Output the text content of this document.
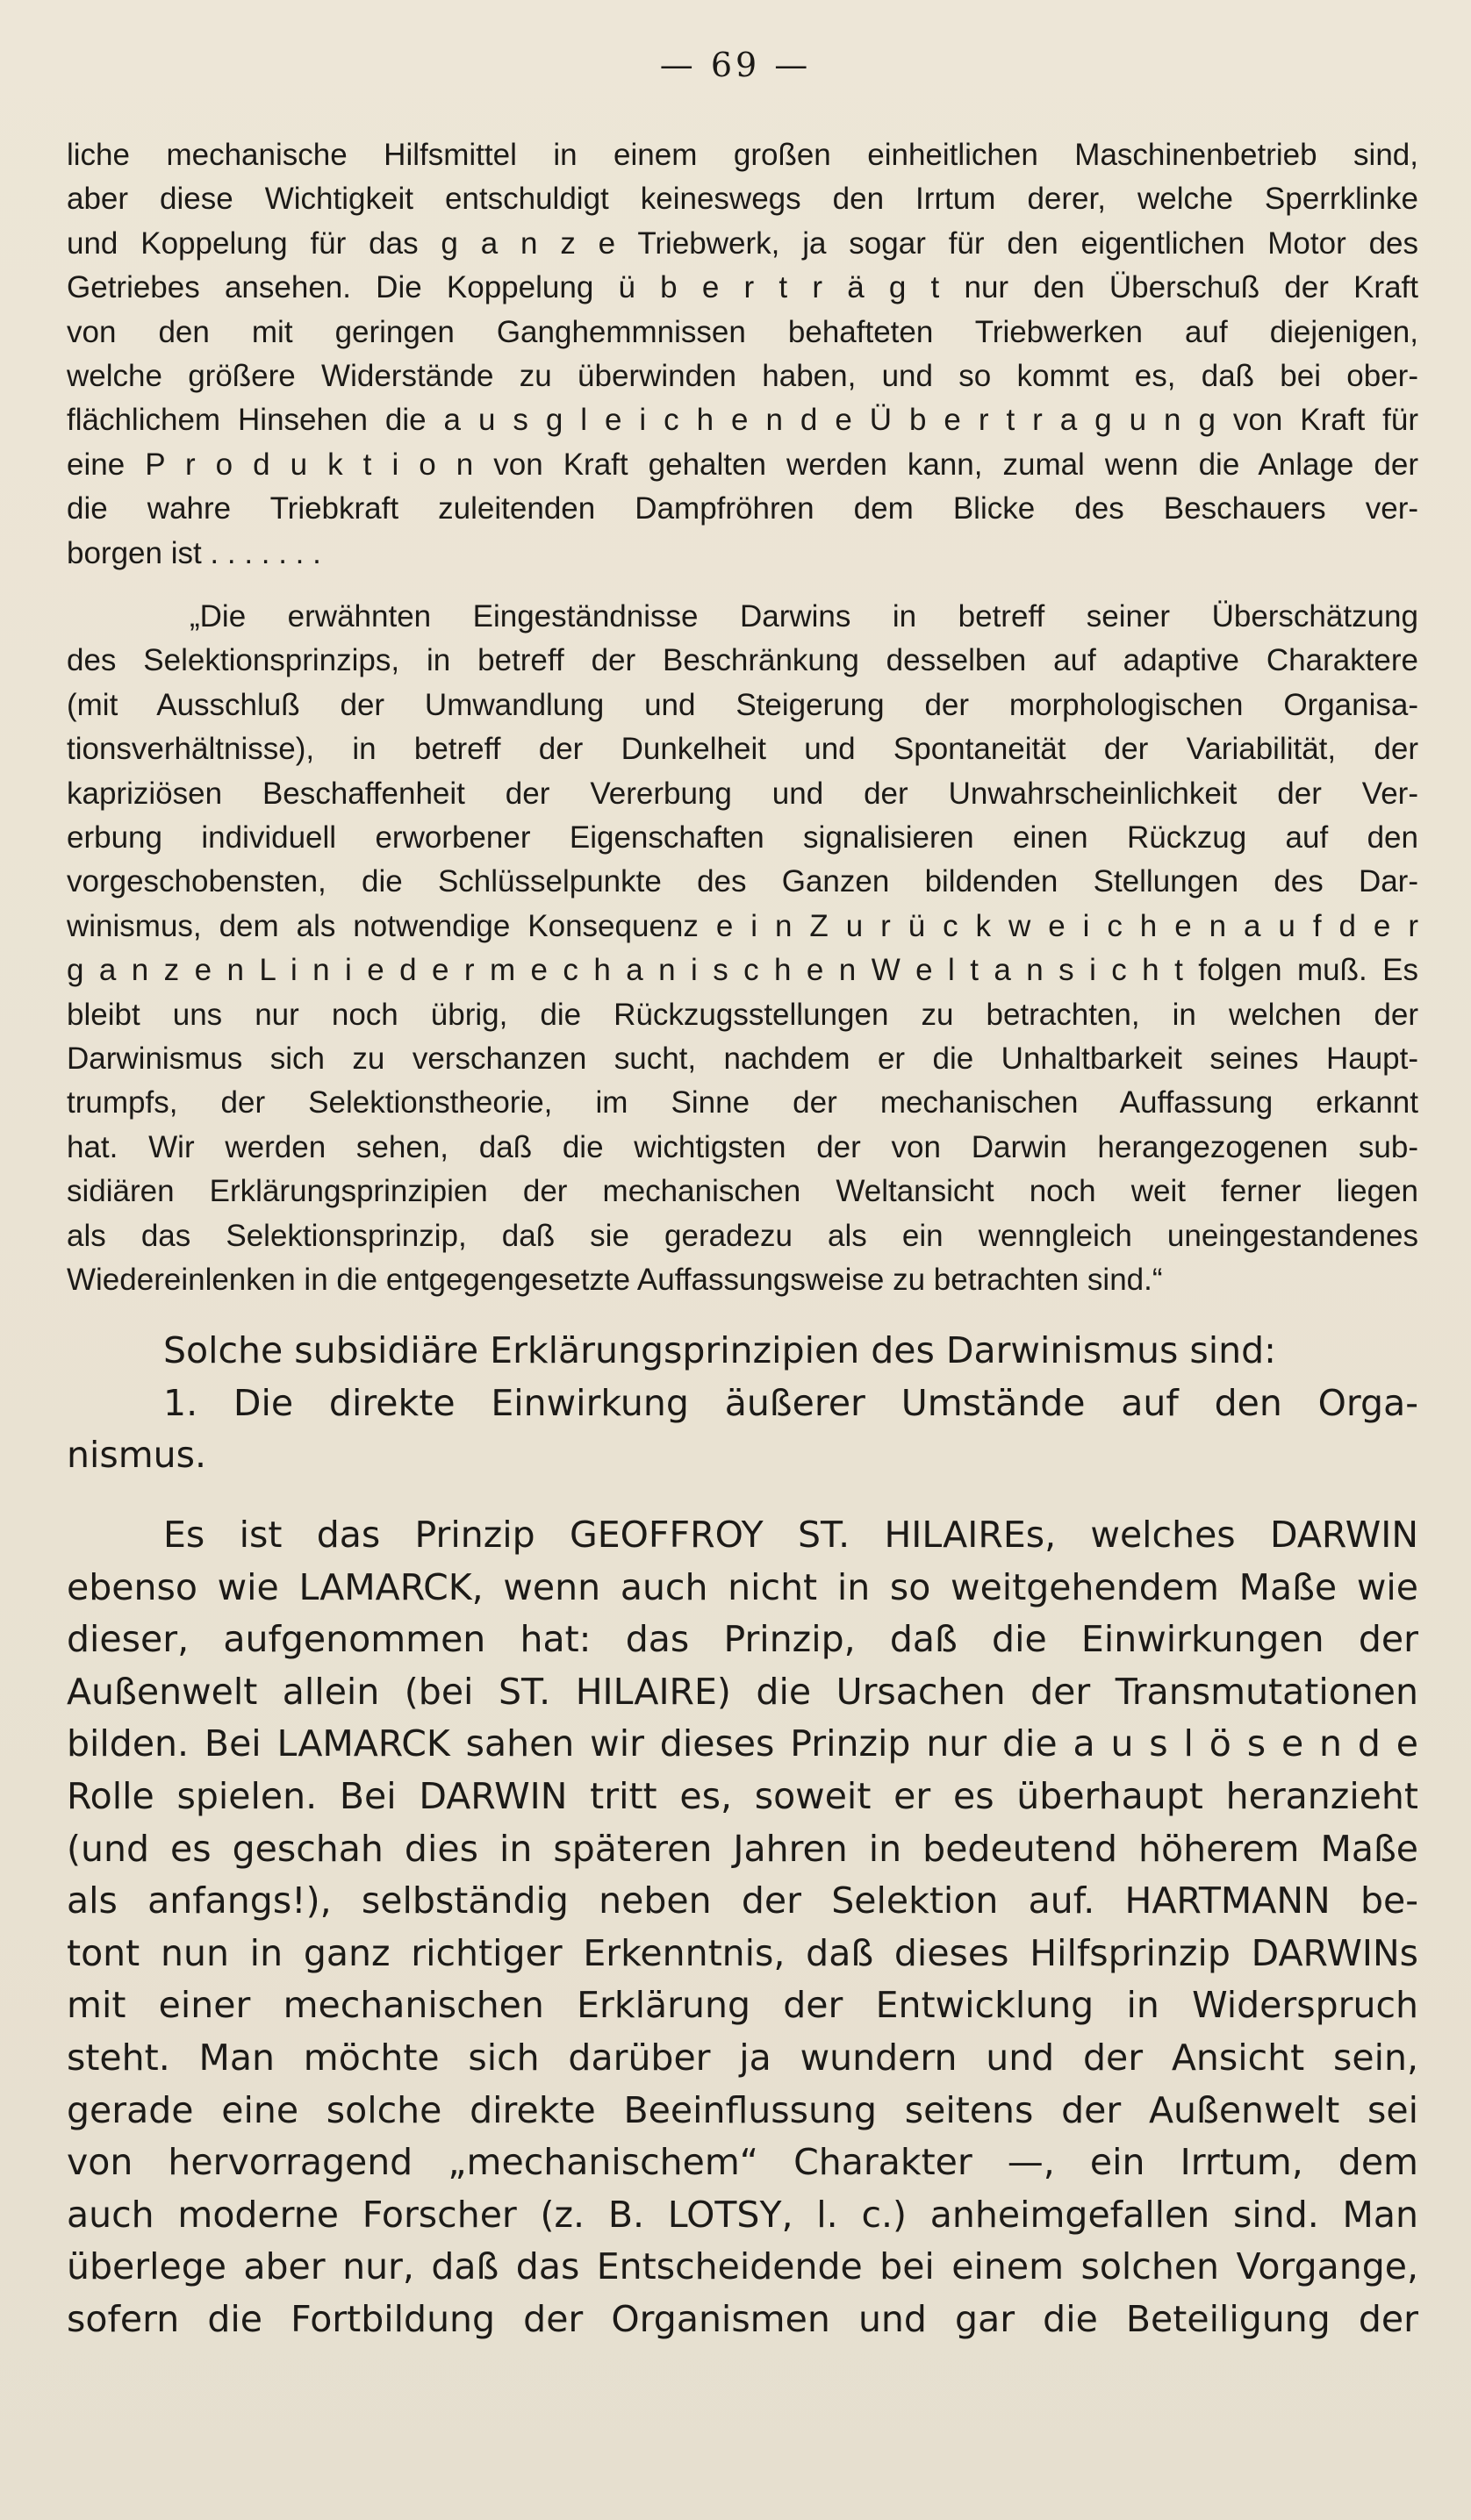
— 69 —
liche mechanische Hilfsmittel in einem großen einheitlichen Maschinenbetrieb sind,
aber diese Wichtigkeit entschuldigt keineswegs den Irrtum derer, welche Sperrklinke
und Koppelung für das g a n z e Triebwerk, ja sogar für den eigentlichen Motor des
Getriebes ansehen. Die Koppelung ü b e r t r ä g t nur den Überschuß der Kraft
von den mit geringen Ganghemmnissen behafteten Triebwerken auf diejenigen,
welche größere Widerstände zu überwinden haben, und so kommt es, daß bei ober-
flächlichem Hinsehen die a u s g l e i c h e n d e Ü b e r t r a g u n g von Kraft für
eine P r o d u k t i o n von Kraft gehalten werden kann, zumal wenn die Anlage der
die wahre Triebkraft zuleitenden Dampfröhren dem Blicke des Beschauers ver-
borgen ist . . . . . . .
„Die erwähnten Eingeständnisse Darwins in betreff seiner Überschätzung
des Selektionsprinzips, in betreff der Beschränkung desselben auf adaptive Charaktere
(mit Ausschluß der Umwandlung und Steigerung der morphologischen Organisa-
tionsverhältnisse), in betreff der Dunkelheit und Spontaneität der Variabilität, der
kapriziösen Beschaffenheit der Vererbung und der Unwahrscheinlichkeit der Ver-
erbung individuell erworbener Eigenschaften signalisieren einen Rückzug auf den
vorgeschobensten, die Schlüsselpunkte des Ganzen bildenden Stellungen des Dar-
winismus, dem als notwendige Konsequenz e i n Z u r ü c k w e i c h e n a u f d e r
g a n z e n L i n i e d e r m e c h a n i s c h e n W e l t a n s i c h t folgen muß. Es
bleibt uns nur noch übrig, die Rückzugsstellungen zu betrachten, in welchen der
Darwinismus sich zu verschanzen sucht, nachdem er die Unhaltbarkeit seines Haupt-
trumpfs, der Selektionstheorie, im Sinne der mechanischen Auffassung erkannt
hat. Wir werden sehen, daß die wichtigsten der von Darwin herangezogenen sub-
sidiären Erklärungsprinzipien der mechanischen Weltansicht noch weit ferner liegen
als das Selektionsprinzip, daß sie geradezu als ein wenngleich uneingestandenes
Wiedereinlenken in die entgegengesetzte Auffassungsweise zu betrachten sind.“
Solche subsidiäre Erklärungsprinzipien des Darwinismus sind:
1. Die direkte Einwirkung äußerer Umstände auf den Orga-
nismus.
Es ist das Prinzip GEOFFROY ST. HILAIREs, welches DARWIN
ebenso wie LAMARCK, wenn auch nicht in so weitgehendem Maße wie
dieser, aufgenommen hat: das Prinzip, daß die Einwirkungen der
Außenwelt allein (bei ST. HILAIRE) die Ursachen der Transmutationen
bilden. Bei LAMARCK sahen wir dieses Prinzip nur die a u s l ö s e n d e
Rolle spielen. Bei DARWIN tritt es, soweit er es überhaupt heranzieht
(und es geschah dies in späteren Jahren in bedeutend höherem Maße
als anfangs!), selbständig neben der Selektion auf. HARTMANN be-
tont nun in ganz richtiger Erkenntnis, daß dieses Hilfsprinzip DARWINs
mit einer mechanischen Erklärung der Entwicklung in Widerspruch
steht. Man möchte sich darüber ja wundern und der Ansicht sein,
gerade eine solche direkte Beeinflussung seitens der Außenwelt sei
von hervorragend „mechanischem“ Charakter —, ein Irrtum, dem
auch moderne Forscher (z. B. LOTSY, l. c.) anheimgefallen sind. Man
überlege aber nur, daß das Entscheidende bei einem solchen Vorgange,
sofern die Fortbildung der Organismen und gar die Beteiligung der
